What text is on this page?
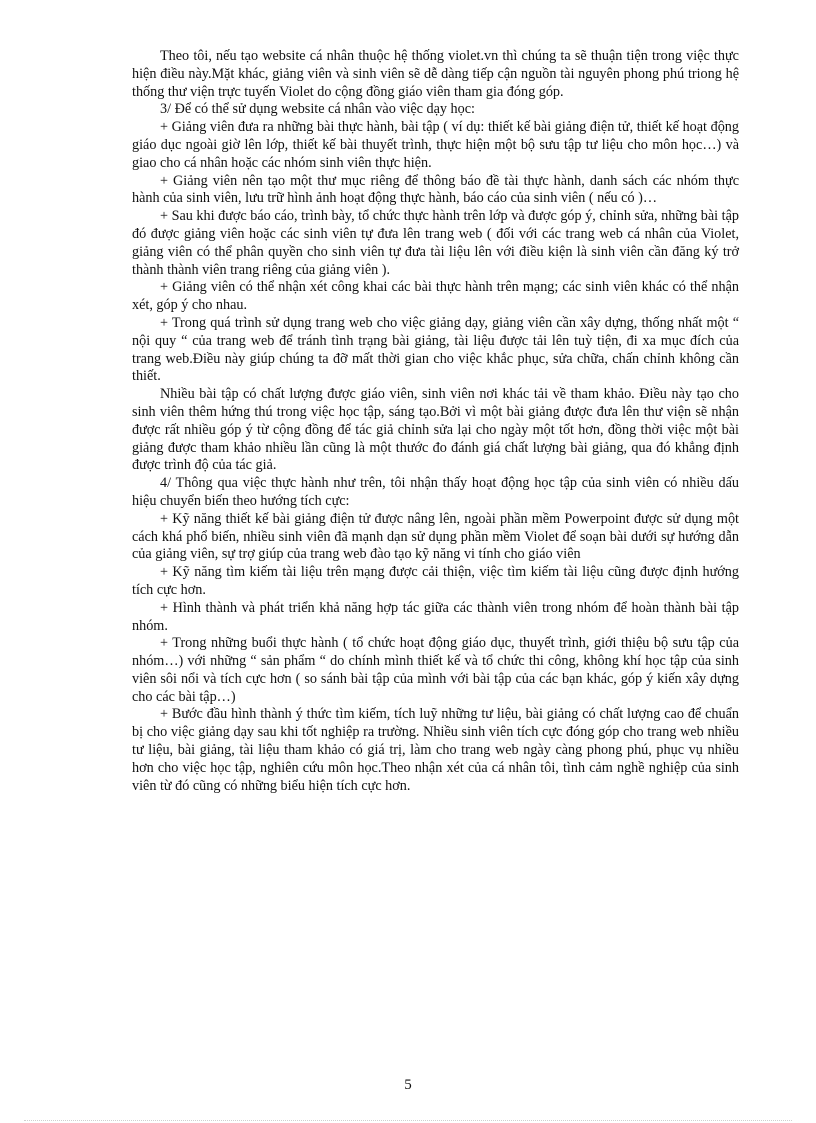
Theo tôi, nếu tạo website cá nhân thuộc hệ thống violet.vn thì chúng ta sẽ thuận tiện trong việc thực hiện điều này.Mặt khác, giảng viên và sinh viên sẽ dễ dàng tiếp cận nguồn tài nguyên phong phú triong hệ thống thư viện trực tuyến Violet do cộng đồng giáo viên tham gia đóng góp.

3/ Để có thể sử dụng website cá nhân vào việc dạy học:

+ Giảng viên đưa ra những bài thực hành, bài tập ( ví dụ: thiết kế bài giảng điện tử, thiết kế hoạt động giáo dục ngoài giờ lên lớp, thiết kế bài thuyết trình, thực hiện một bộ sưu tập tư liệu cho môn học…) và giao cho cá nhân hoặc các nhóm sinh viên thực hiện.

+ Giảng viên nên tạo một thư mục riêng để thông báo đề tài thực hành, danh sách các nhóm thực hành của sinh viên, lưu trữ hình ảnh hoạt động thực hành, báo cáo của sinh viên ( nếu có )…

+ Sau khi được báo cáo, trình bày, tổ chức thực hành trên lớp và được góp ý, chỉnh sửa, những bài tập đó được giảng viên hoặc các sinh viên tự đưa lên trang web ( đối với các trang web cá nhân của Violet, giảng viên có thể phân quyền cho sinh viên tự đưa tài liệu lên với điều kiện là sinh viên cần đăng ký trở thành thành viên trang riêng của giảng viên ).

+ Giảng viên có thể nhận xét công khai các bài thực hành trên mạng; các sinh viên khác có thể nhận xét, góp ý cho nhau.

+ Trong quá trình sử dụng trang web cho việc giảng dạy, giảng viên cần xây dựng, thống nhất một “ nội quy “ của trang web để tránh tình trạng bài giảng, tài liệu được tải lên tuỳ tiện, đi xa mục đích của trang web.Điều này giúp chúng ta đỡ mất thời gian cho việc khắc phục, sửa chữa, chấn chỉnh không cần thiết.

Nhiều bài tập có chất lượng được giáo viên, sinh viên nơi khác tải về tham khảo. Điều này tạo cho sinh viên thêm hứng thú trong việc học tập, sáng tạo.Bởi vì một bài giảng được đưa lên thư viện sẽ nhận được rất nhiều góp ý từ cộng đồng để tác giả chỉnh sửa lại cho ngày một tốt hơn, đồng thời việc một bài giảng được tham khảo nhiều lần cũng là một thước đo đánh giá chất lượng bài giảng, qua đó khẳng định được trình độ của tác giả.

4/ Thông qua việc thực hành như trên, tôi nhận thấy hoạt động học tập của sinh viên có nhiều dấu hiệu chuyển biến theo hướng tích cực:

+ Kỹ năng thiết kế bài giảng điện tử được nâng lên, ngoài phần mềm Powerpoint được sử dụng một cách khá phổ biến, nhiều sinh viên đã mạnh dạn sử dụng phần mềm Violet để soạn bài dưới sự hướng dẫn của giảng viên, sự trợ giúp của trang web đào tạo kỹ năng vi tính cho giáo viên

+ Kỹ năng tìm kiếm tài liệu trên mạng được cải thiện, việc tìm kiếm tài liệu cũng được định hướng tích cực hơn.

+ Hình thành và phát triển khả năng hợp tác giữa các thành viên trong nhóm để hoàn thành bài tập nhóm.

+ Trong những buổi thực hành ( tổ chức hoạt động giáo dục, thuyết trình, giới thiệu bộ sưu tập của nhóm…) với những “ sản phẩm “ do chính mình thiết kế và tổ chức thi công, không khí học tập của sinh viên sôi nổi và tích cực hơn ( so sánh bài tập của mình với bài tập của các bạn khác, góp ý kiến xây dựng cho các bài tập…)

+ Bước đầu hình thành ý thức tìm kiếm, tích luỹ những tư liệu, bài giảng có chất lượng cao để chuẩn bị cho việc giảng dạy sau khi tốt nghiệp ra trường. Nhiều sinh viên tích cực đóng góp cho trang web nhiều tư liệu, bài giảng, tài liệu tham khảo có giá trị, làm cho trang web ngày càng phong phú, phục vụ nhiều hơn cho việc học tập, nghiên cứu môn học.Theo nhận xét của cá nhân tôi, tình cảm nghề nghiệp của sinh viên từ đó cũng có những biểu hiện tích cực hơn.

5
